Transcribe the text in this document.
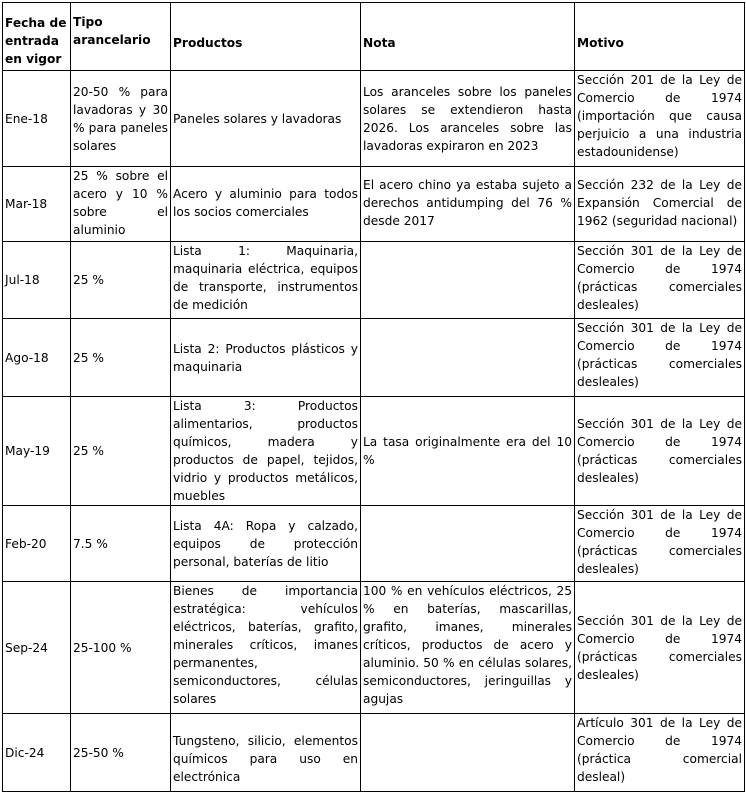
Fecha de entrada en vigor	Tipo arancelario	Productos	Nota	Motivo
Ene-18	20-50 % para lavadoras y 30 % para paneles solares	Paneles solares y lavadoras	Los aranceles sobre los paneles solares se extendieron hasta 2026. Los aranceles sobre las lavadoras expiraron en 2023	Sección 201 de la Ley de Comercio de 1974 (importación que causa perjuicio a una industria estadounidense)
Mar-18	25 % sobre el acero y 10 % sobre el aluminio	Acero y aluminio para todos los socios comerciales	El acero chino ya estaba sujeto a derechos antidumping del 76 % desde 2017	Sección 232 de la Ley de Expansión Comercial de 1962 (seguridad nacional)
Jul-18	25 %	Lista 1: Maquinaria, maquinaria eléctrica, equipos de transporte, instrumentos de medición		Sección 301 de la Ley de Comercio de 1974 (prácticas comerciales desleales)
Ago-18	25 %	Lista 2: Productos plásticos y maquinaria		Sección 301 de la Ley de Comercio de 1974 (prácticas comerciales desleales)
May-19	25 %	Lista 3: Productos alimentarios, productos químicos, madera y productos de papel, tejidos, vidrio y productos metálicos, muebles	La tasa originalmente era del 10 %	Sección 301 de la Ley de Comercio de 1974 (prácticas comerciales desleales)
Feb-20	7.5 %	Lista 4A: Ropa y calzado, equipos de protección personal, baterías de litio		Sección 301 de la Ley de Comercio de 1974 (prácticas comerciales desleales)
Sep-24	25-100 %	Bienes de importancia estratégica: vehículos eléctricos, baterías, grafito, minerales críticos, imanes permanentes, semiconductores, células solares	100 % en vehículos eléctricos, 25 % en baterías, mascarillas, grafito, imanes, minerales críticos, productos de acero y aluminio. 50 % en células solares, semiconductores, jeringuillas y agujas	Sección 301 de la Ley de Comercio de 1974 (prácticas comerciales desleales)
Dic-24	25-50 %	Tungsteno, silicio, elementos químicos para uso en electrónica		Artículo 301 de la Ley de Comercio de 1974 (práctica comercial desleal)
